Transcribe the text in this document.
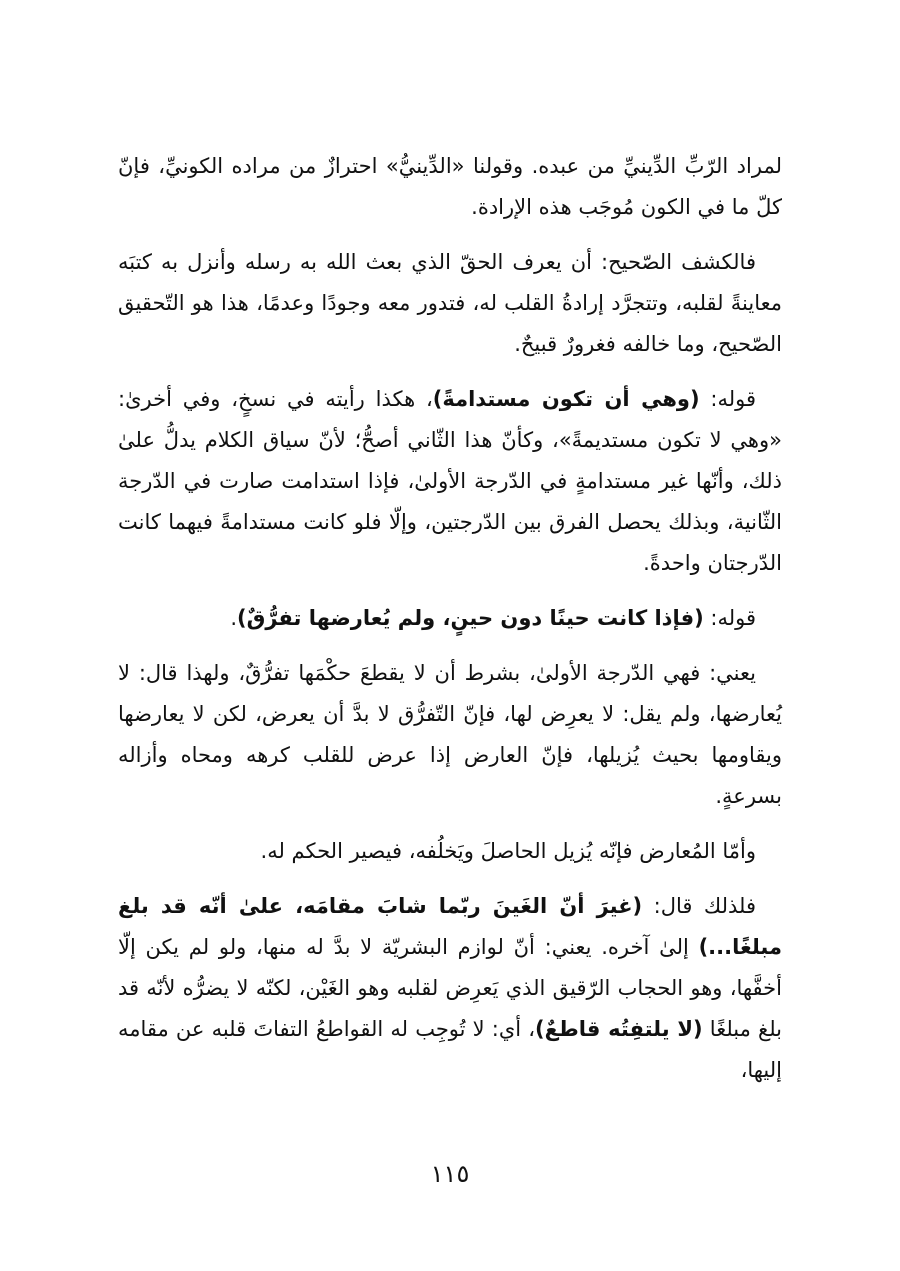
لمراد الرّبِّ الدِّينيِّ من عبده. وقولنا «الدِّينيُّ» احترازٌ من مراده الكونيِّ، فإنّ كلّ ما في الكون مُوجَب هذه الإرادة.

فالكشف الصّحيح: أن يعرف الحقّ الذي بعث الله به رسله وأنزل به كتبَه معاينةً لقلبه، وتتجرَّد إرادةُ القلب له، فتدور معه وجودًا وعدمًا، هذا هو التّحقيق الصّحيح، وما خالفه فغرورٌ قبيحٌ.

قوله: (وهي أن تكون مستدامةً)، هكذا رأيته في نسخٍ، وفي أخرىٰ: «وهي لا تكون مستديمةً»، وكأنّ هذا الثّاني أصحُّ؛ لأنّ سياق الكلام يدلُّ علىٰ ذلك، وأنّها غير مستدامةٍ في الدّرجة الأولىٰ، فإذا استدامت صارت في الدّرجة الثّانية، وبذلك يحصل الفرق بين الدّرجتين، وإلّا فلو كانت مستدامةً فيهما كانت الدّرجتان واحدةً.

قوله: (فإذا كانت حينًا دون حينٍ، ولم يُعارضها تفرُّقٌ).

يعني: فهي الدّرجة الأولىٰ، بشرط أن لا يقطعَ حكْمَها تفرُّقٌ، ولهذا قال: لا يُعارضها، ولم يقل: لا يعرِض لها، فإنّ التّفرُّق لا بدَّ أن يعرض، لكن لا يعارضها ويقاومها بحيث يُزيلها، فإنّ العارض إذا عرض للقلب كرهه ومحاه وأزاله بسرعةٍ.

وأمّا المُعارض فإنّه يُزيل الحاصلَ ويَخلُفه، فيصير الحكم له.

فلذلك قال: (غيرَ أنّ الغَينَ ربّما شابَ مقامَه، علىٰ أنّه قد بلغ مبلغًا...) إلىٰ آخره. يعني: أنّ لوازم البشريّة لا بدَّ له منها، ولو لم يكن إلّا أخفَّها، وهو الحجاب الرّقيق الذي يَعرِض لقلبه وهو الغَيْن، لكنّه لا يضرُّه لأنّه قد بلغ مبلغًا (لا يلتفِتُه قاطعٌ)، أي: لا تُوجِب له القواطعُ التفاتَ قلبه عن مقامه إليها،

١١٥
